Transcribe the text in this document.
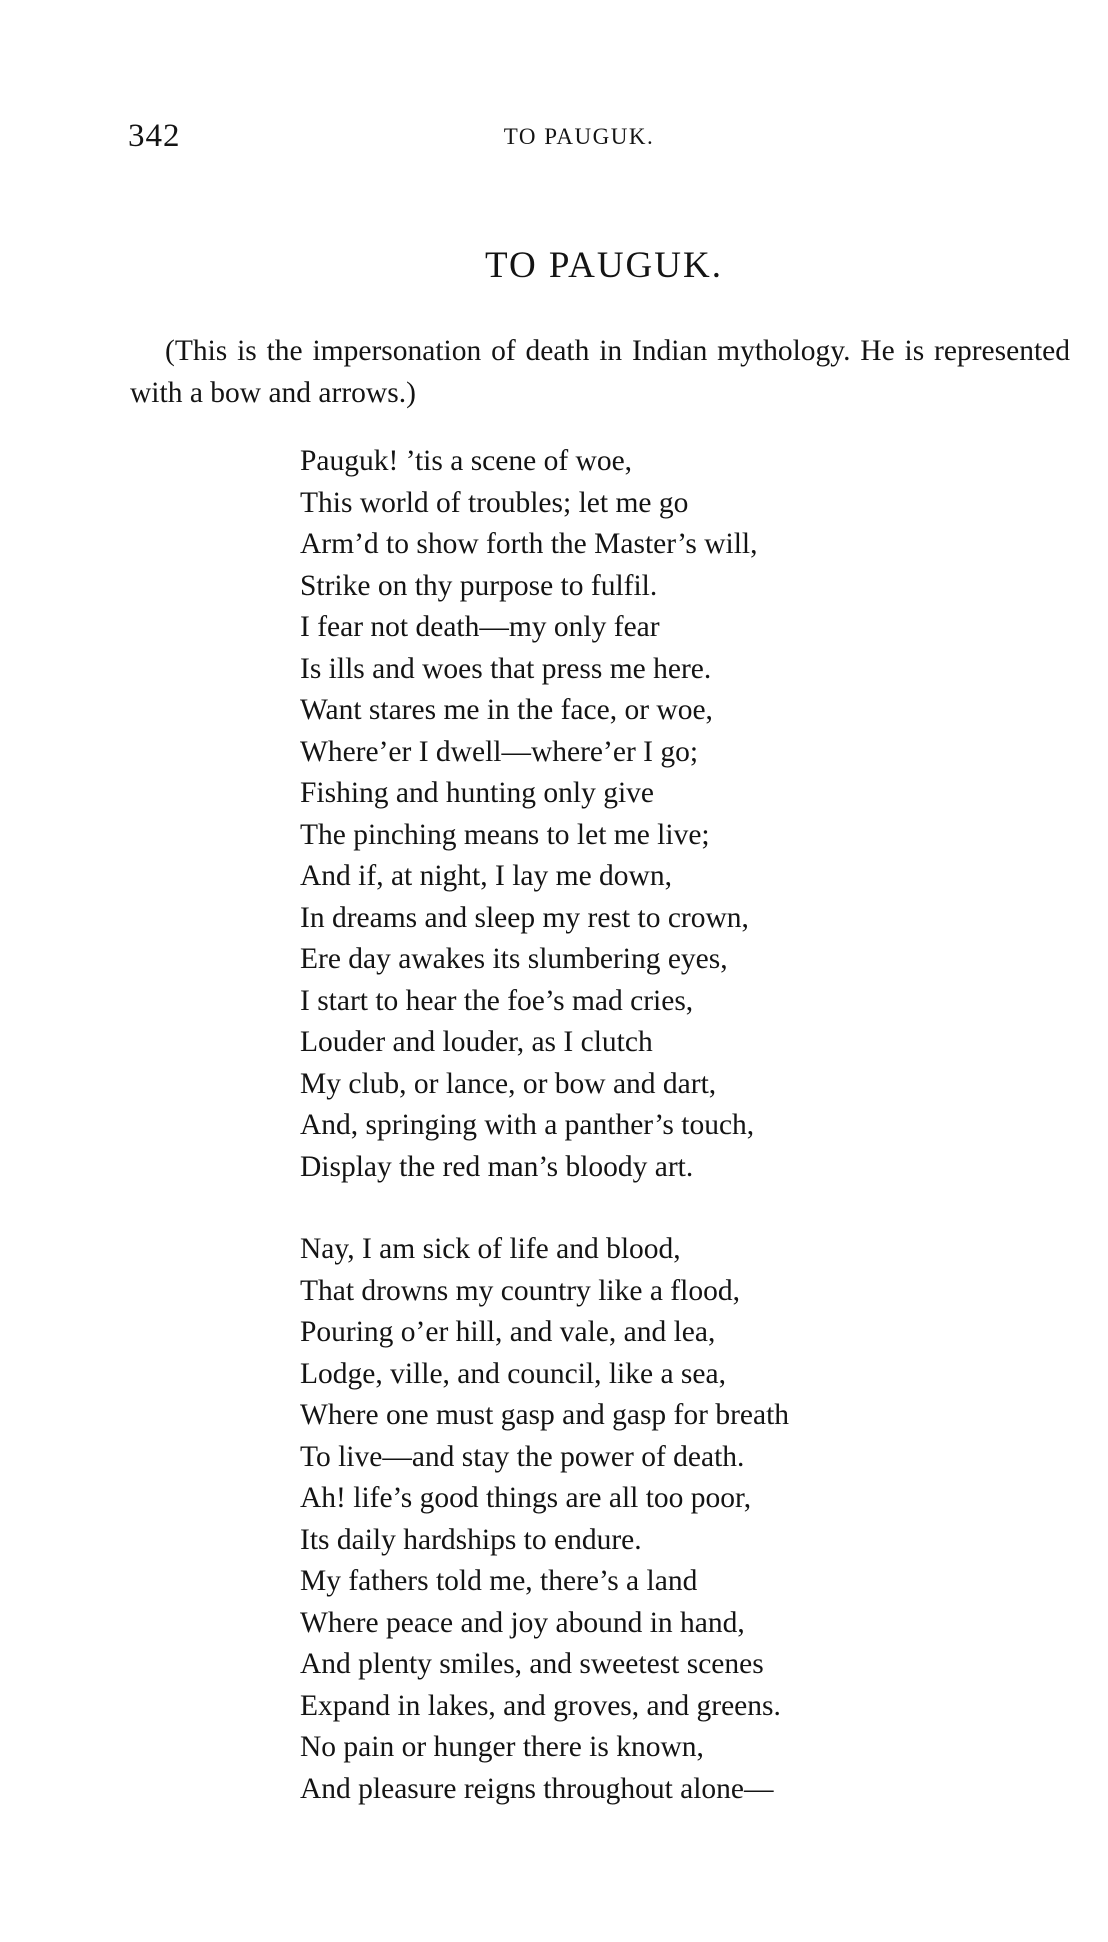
342	TO PAUGUK.
TO PAUGUK.
(This is the impersonation of death in Indian mythology. He is represented with a bow and arrows.)
Pauguk! ’tis a scene of woe,
This world of troubles; let me go
Arm’d to show forth the Master’s will,
Strike on thy purpose to fulfil.
I fear not death—my only fear
Is ills and woes that press me here.
Want stares me in the face, or woe,
Where’er I dwell—where’er I go;
Fishing and hunting only give
The pinching means to let me live;
And if, at night, I lay me down,
In dreams and sleep my rest to crown,
Ere day awakes its slumbering eyes,
I start to hear the foe’s mad cries,
Louder and louder, as I clutch
My club, or lance, or bow and dart,
And, springing with a panther’s touch,
Display the red man’s bloody art.
Nay, I am sick of life and blood,
That drowns my country like a flood,
Pouring o’er hill, and vale, and lea,
Lodge, ville, and council, like a sea,
Where one must gasp and gasp for breath
To live—and stay the power of death.
Ah! life’s good things are all too poor,
Its daily hardships to endure.
My fathers told me, there’s a land
Where peace and joy abound in hand,
And plenty smiles, and sweetest scenes
Expand in lakes, and groves, and greens.
No pain or hunger there is known,
And pleasure reigns throughout alone—
